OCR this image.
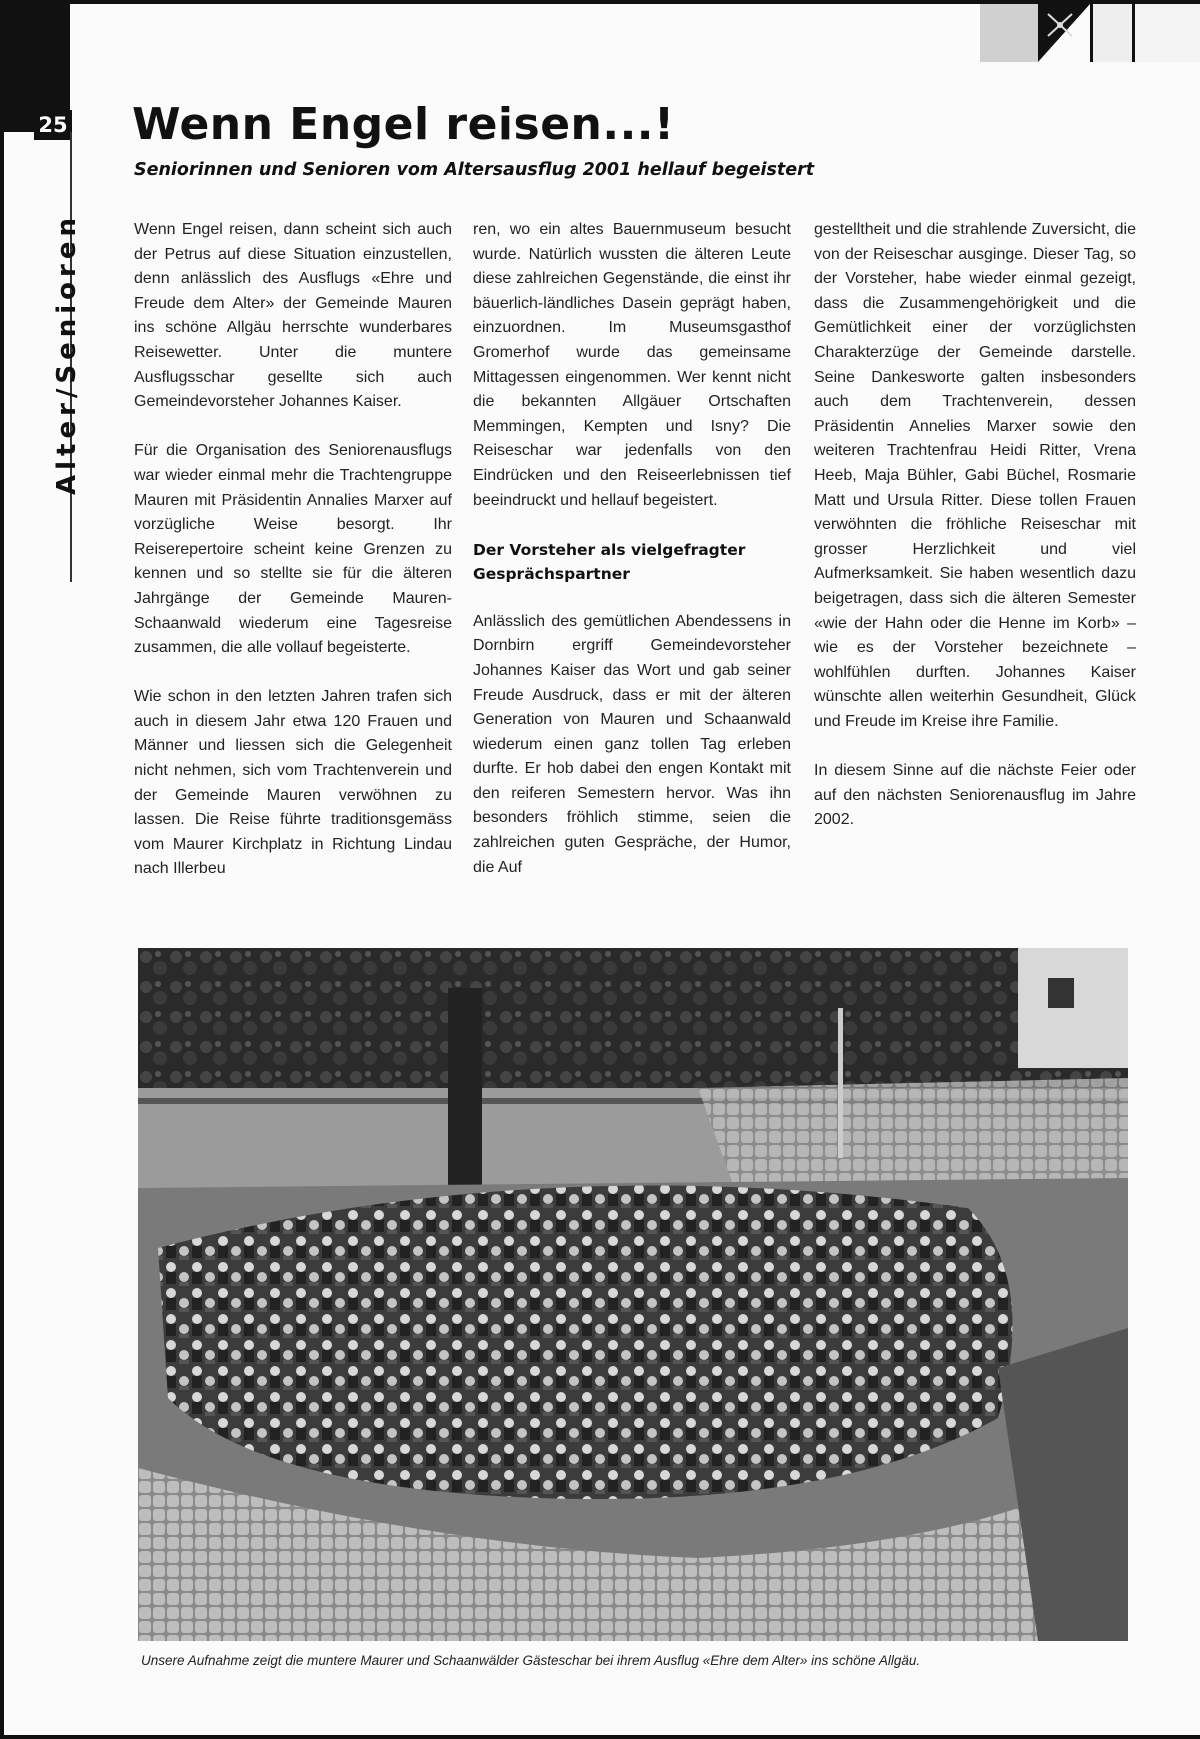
25
Alter/Senioren
Wenn Engel reisen...!
Seniorinnen und Senioren vom Altersausflug 2001 hellauf begeistert

Wenn Engel reisen, dann scheint sich auch der Petrus auf diese Situation einzustellen, denn anlässlich des Ausflugs «Ehre und Freude dem Alter» der Gemeinde Mauren ins schöne Allgäu herrschte wunderbares Reisewetter. Unter die muntere Ausflugsschar gesellte sich auch Gemeindevorsteher Johannes Kaiser.

Für die Organisation des Seniorenausflugs war wieder einmal mehr die Trachtengruppe Mauren mit Präsidentin Annalies Marxer auf vorzügliche Weise besorgt. Ihr Reiserepertoire scheint keine Grenzen zu kennen und so stellte sie für die älteren Jahrgänge der Gemeinde Mauren-Schaanwald wiederum eine Tagesreise zusammen, die alle vollauf begeisterte.

Wie schon in den letzten Jahren trafen sich auch in diesem Jahr etwa 120 Frauen und Männer und liessen sich die Gelegenheit nicht nehmen, sich vom Trachtenverein und der Gemeinde Mauren verwöhnen zu lassen. Die Reise führte traditionsgemäss vom Maurer Kirchplatz in Richtung Lindau nach Illerbeu

ren, wo ein altes Bauernmuseum besucht wurde. Natürlich wussten die älteren Leute diese zahlreichen Gegenstände, die einst ihr bäuerlich-ländliches Dasein geprägt haben, einzuordnen. Im Museumsgasthof Gromerhof wurde das gemeinsame Mittagessen eingenommen. Wer kennt nicht die bekannten Allgäuer Ortschaften Memmingen, Kempten und Isny? Die Reiseschar war jedenfalls von den Eindrücken und den Reiseerlebnissen tief beeindruckt und hellauf begeistert.

Der Vorsteher als vielgefragter Gesprächspartner

Anlässlich des gemütlichen Abendessens in Dornbirn ergriff Gemeindevorsteher Johannes Kaiser das Wort und gab seiner Freude Ausdruck, dass er mit der älteren Generation von Mauren und Schaanwald wiederum einen ganz tollen Tag erleben durfte. Er hob dabei den engen Kontakt mit den reiferen Semestern hervor. Was ihn besonders fröhlich stimme, seien die zahlreichen guten Gespräche, der Humor, die Auf

gestelltheit und die strahlende Zuversicht, die von der Reiseschar ausginge. Dieser Tag, so der Vorsteher, habe wieder einmal gezeigt, dass die Zusammengehörigkeit und die Gemütlichkeit einer der vorzüglichsten Charakterzüge der Gemeinde darstelle. Seine Dankesworte galten insbesonders auch dem Trachtenverein, dessen Präsidentin Annelies Marxer sowie den weiteren Trachtenfrau Heidi Ritter, Vrena Heeb, Maja Bühler, Gabi Büchel, Rosmarie Matt und Ursula Ritter. Diese tollen Frauen verwöhnten die fröhliche Reiseschar mit grosser Herzlichkeit und viel Aufmerksamkeit. Sie haben wesentlich dazu beigetragen, dass sich die älteren Semester «wie der Hahn oder die Henne im Korb» – wie es der Vorsteher bezeichnete – wohlfühlen durften. Johannes Kaiser wünschte allen weiterhin Gesundheit, Glück und Freude im Kreise ihre Familie.

In diesem Sinne auf die nächste Feier oder auf den nächsten Seniorenausflug im Jahre 2002.

Unsere Aufnahme zeigt die muntere Maurer und Schaanwälder Gästeschar bei ihrem Ausflug «Ehre dem Alter» ins schöne Allgäu.
